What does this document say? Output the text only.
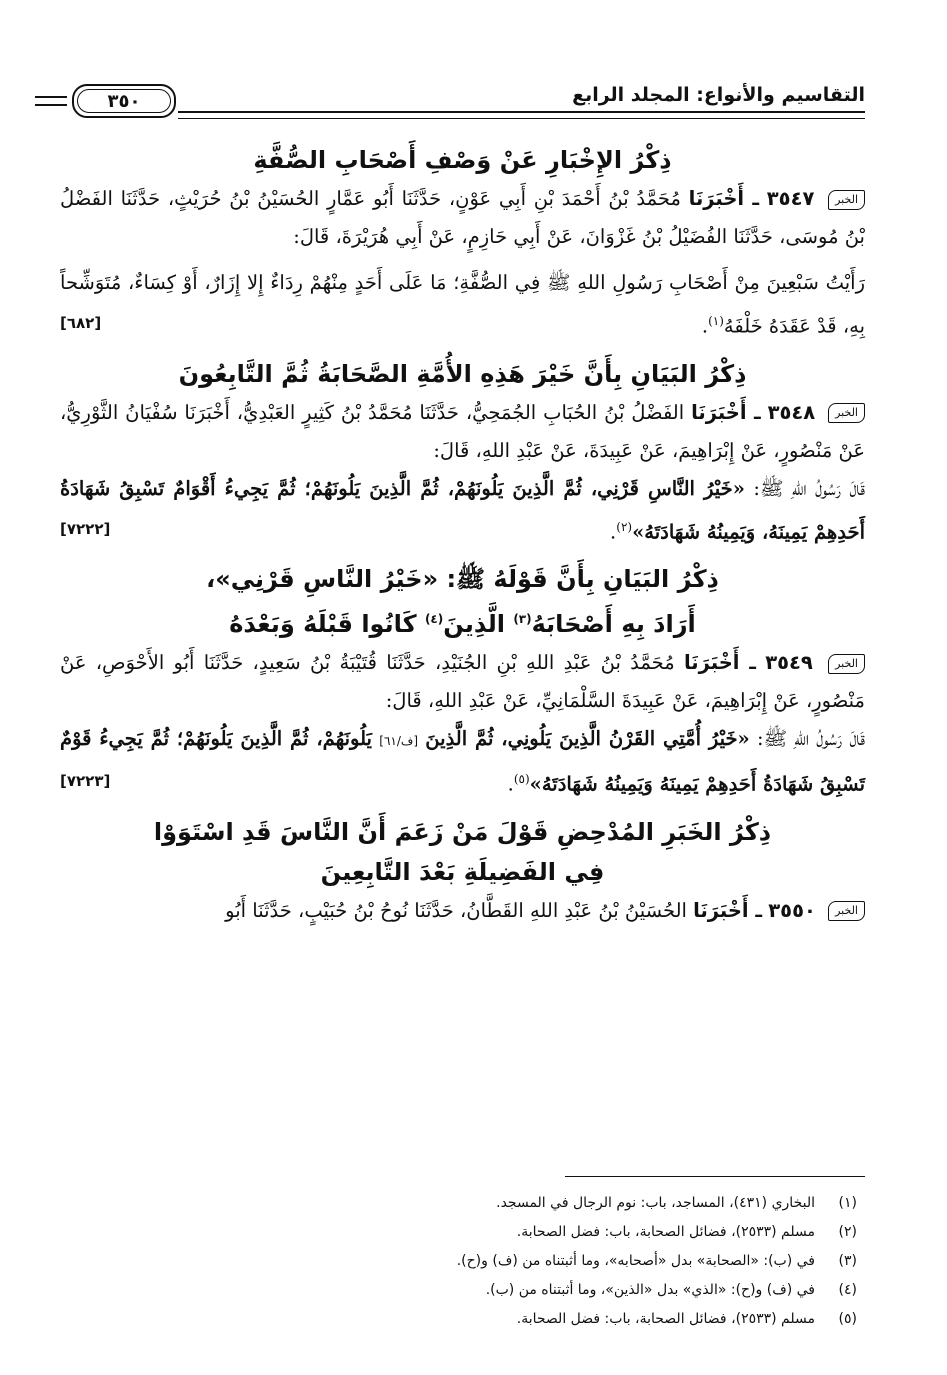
التقاسيم والأنواع: المجلد الرابع
٣٥٠
ذِكْرُ الإِخْبَارِ عَنْ وَصْفِ أَصْحَابِ الصُّفَّةِ

الخبر ٣٥٤٧ ـ أَخْبَرَنَا مُحَمَّدُ بْنُ أَحْمَدَ بْنِ أَبِي عَوْنٍ، حَدَّثَنَا أَبُو عَمَّارٍ الحُسَيْنُ بْنُ حُرَيْثٍ، حَدَّثَنَا الفَضْلُ بْنُ مُوسَى، حَدَّثَنَا الفُضَيْلُ بْنُ غَزْوَانَ، عَنْ أَبِي حَازِمٍ، عَنْ أَبِي هُرَيْرَةَ، قَالَ:

رَأَيْتُ سَبْعِينَ مِنْ أَصْحَابِ رَسُولِ اللهِ ﷺ فِي الصُّفَّةِ؛ مَا عَلَى أَحَدٍ مِنْهُمْ رِدَاءٌ إِلا إِزَارٌ، أَوْ كِسَاءٌ، مُتَوَشِّحاً بِهِ، قَدْ عَقَدَهُ خَلْفَهُ$^{(١)}$.
[٦٨٢]

ذِكْرُ البَيَانِ بِأَنَّ خَيْرَ هَذِهِ الأُمَّةِ الصَّحَابَةُ ثُمَّ التَّابِعُونَ

الخبر ٣٥٤٨ ـ أَخْبَرَنَا الفَضْلُ بْنُ الحُبَابِ الجُمَحِيُّ، حَدَّثَنَا مُحَمَّدُ بْنُ كَثِيرٍ العَبْدِيُّ، أَخْبَرَنَا سُفْيَانُ الثَّوْرِيُّ، عَنْ مَنْصُورٍ، عَنْ إِبْرَاهِيمَ، عَنْ عَبِيدَةَ، عَنْ عَبْدِ اللهِ، قَالَ:

قَالَ رَسُولُ اللهِ ﷺ: «خَيْرُ النَّاسِ قَرْنِي، ثُمَّ الَّذِينَ يَلُونَهُمْ، ثُمَّ الَّذِينَ يَلُونَهُمْ؛ ثُمَّ يَجِيءُ أَقْوَامٌ تَسْبِقُ شَهَادَةُ أَحَدِهِمْ يَمِينَهُ، وَيَمِينُهُ شَهَادَتَهُ»$^{(٢)}$.
[٧٢٢٢]

ذِكْرُ البَيَانِ بِأَنَّ قَوْلَهُ ﷺ: «خَيْرُ النَّاسِ قَرْنِي»،
أَرَادَ بِهِ أَصْحَابَهُ$^{(٣)}$ الَّذِينَ$^{(٤)}$ كَانُوا قَبْلَهُ وَبَعْدَهُ

الخبر ٣٥٤٩ ـ أَخْبَرَنَا مُحَمَّدُ بْنُ عَبْدِ اللهِ بْنِ الجُنَيْدِ، حَدَّثَنَا قُتَيْبَةُ بْنُ سَعِيدٍ، حَدَّثَنَا أَبُو الأَحْوَصِ، عَنْ مَنْصُورٍ، عَنْ إِبْرَاهِيمَ، عَنْ عَبِيدَةَ السَّلْمَانِيِّ، عَنْ عَبْدِ اللهِ، قَالَ:

قَالَ رَسُولُ اللهِ ﷺ: «خَيْرُ أُمَّتِي القَرْنُ الَّذِينَ يَلُونِي، ثُمَّ الَّذِينَ [ف/٦١] يَلُونَهُمْ، ثُمَّ الَّذِينَ يَلُونَهُمْ؛ ثُمَّ يَجِيءُ قَوْمٌ تَسْبِقُ شَهَادَةُ أَحَدِهِمْ يَمِينَهُ وَيَمِينُهُ شَهَادَتَهُ»$^{(٥)}$.
[٧٢٢٣]

ذِكْرُ الخَبَرِ المُدْحِضِ قَوْلَ مَنْ زَعَمَ أَنَّ النَّاسَ قَدِ اسْتَوَوْا
فِي الفَضِيلَةِ بَعْدَ التَّابِعِينَ

الخبر ٣٥٥٠ ـ أَخْبَرَنَا الحُسَيْنُ بْنُ عَبْدِ اللهِ القَطَّانُ، حَدَّثَنَا نُوحُ بْنُ حُبَيْبٍ، حَدَّثَنَا أَبُو

(١)البخاري (٤٣١)، المساجد، باب: نوم الرجال في المسجد.
(٢)مسلم (٢٥٣٣)، فضائل الصحابة، باب: فضل الصحابة.
(٣)في (ب): «الصحابة» بدل «أصحابه»، وما أثبتناه من (ف) و(ح).
(٤)في (ف) و(ح): «الذي» بدل «الذين»، وما أثبتناه من (ب).
(٥)مسلم (٢٥٣٣)، فضائل الصحابة، باب: فضل الصحابة.
